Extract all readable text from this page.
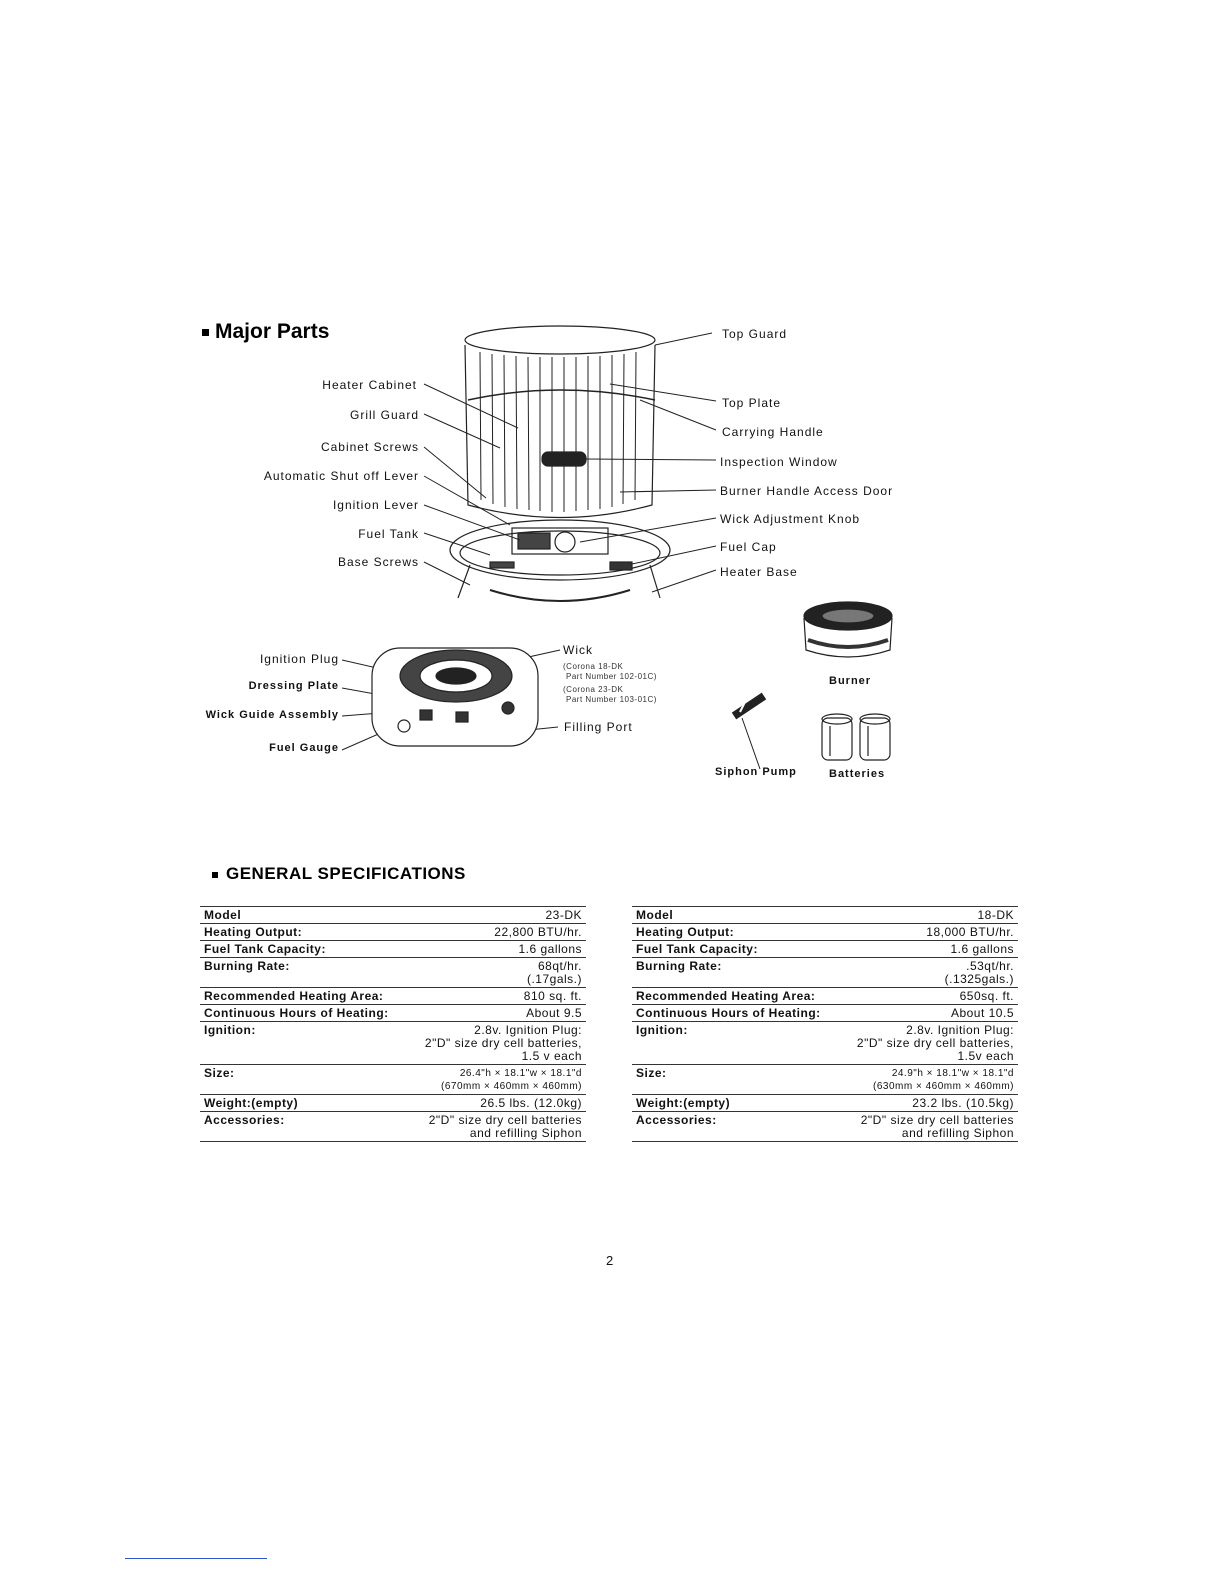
Major Parts
Heater Cabinet
Grill Guard
Cabinet Screws
Automatic Shut off Lever
Ignition Lever
Fuel Tank
Base Screws
Top Guard
Top Plate
Carrying Handle
Inspection Window
Burner Handle Access Door
Wick Adjustment Knob
Fuel Cap
Heater Base
Ignition Plug
Dressing Plate
Wick Guide Assembly
Fuel Gauge
Wick
(Corona 18-DK
Part Number 102-01C)
(Corona 23-DK
Part Number 103-01C)
Filling Port
Burner
Siphon Pump	Batteries
GENERAL SPECIFICATIONS
Model	23-DK
Heating Output:	22,800 BTU/hr.
Fuel Tank Capacity:	1.6 gallons
Burning Rate:	68qt/hr.
(.17gals.)
Recommended Heating Area:	810 sq. ft.
Continuous Hours of Heating:	About 9.5
Ignition:	2.8v. Ignition Plug:
2"D" size dry cell batteries,
1.5 v each
Size:	26.4"h × 18.1"w × 18.1"d
(670mm × 460mm × 460mm)
Weight:(empty)	26.5 lbs. (12.0kg)
Accessories:	2"D" size dry cell batteries
and refilling Siphon
Model	18-DK
Heating Output:	18,000 BTU/hr.
Fuel Tank Capacity:	1.6 gallons
Burning Rate:	.53qt/hr.
(.1325gals.)
Recommended Heating Area:	650sq. ft.
Continuous Hours of Heating:	About 10.5
Ignition:	2.8v. Ignition Plug:
2"D" size dry cell batteries,
1.5v each
Size:	24.9"h × 18.1"w × 18.1"d
(630mm × 460mm × 460mm)
Weight:(empty)	23.2 lbs. (10.5kg)
Accessories:	2"D" size dry cell batteries
and refilling Siphon
2
